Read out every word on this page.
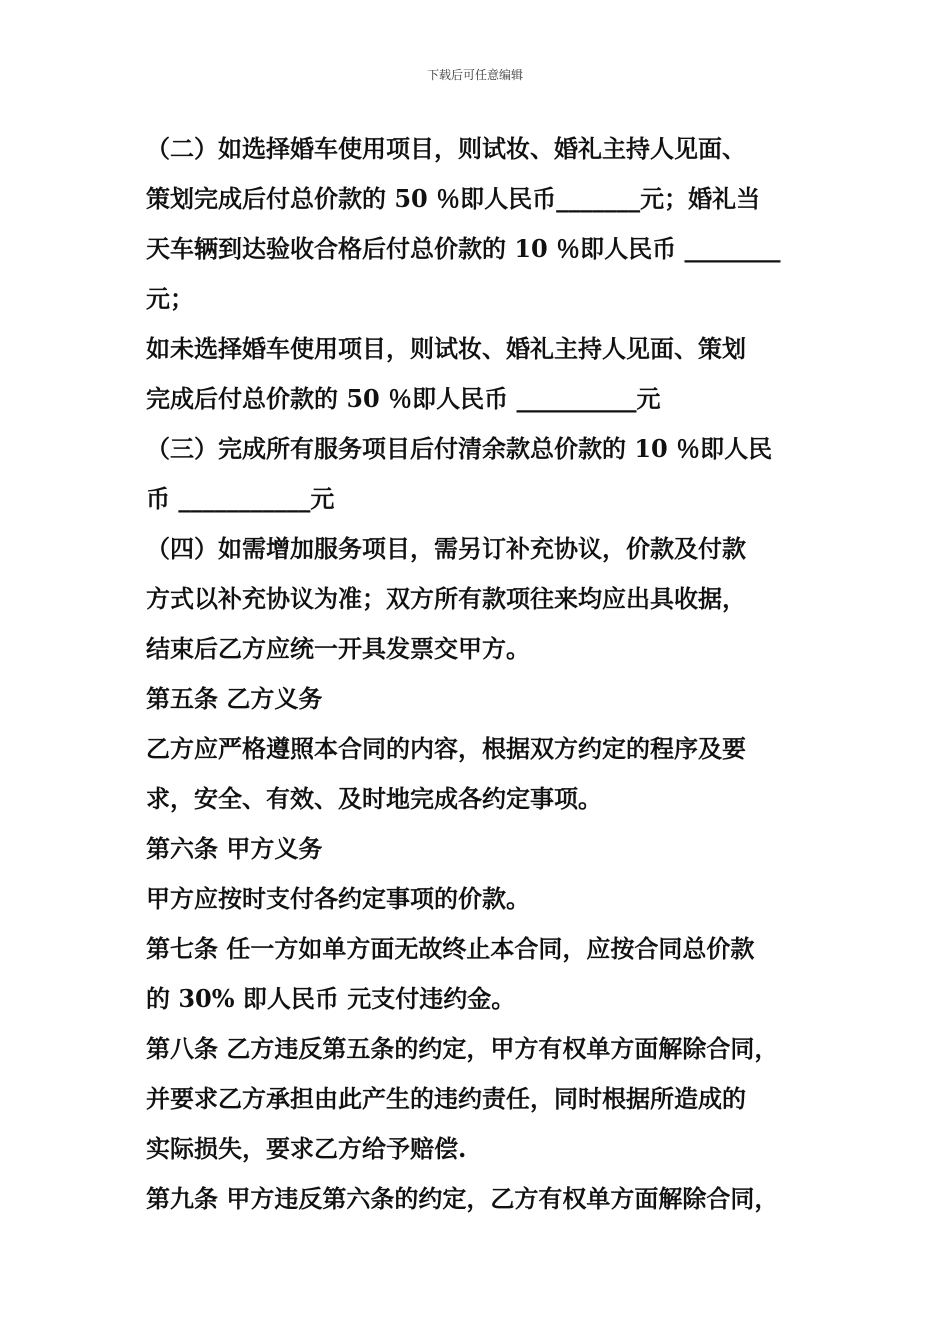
下载后可任意编辑
（二）如选择婚车使用项目，则试妆、婚礼主持人见面、
策划完成后付总价款的 50 ％即人民币_______元；婚礼当
天车辆到达验收合格后付总价款的 10 ％即人民币 ________
元；
如未选择婚车使用项目，则试妆、婚礼主持人见面、策划
完成后付总价款的 50 ％即人民币 __________元
（三）完成所有服务项目后付清余款总价款的 10 ％即人民
币 ___________元
（四）如需增加服务项目，需另订补充协议，价款及付款
方式以补充协议为准；双方所有款项往来均应出具收据，
结束后乙方应统一开具发票交甲方。
第五条 乙方义务
乙方应严格遵照本合同的内容，根据双方约定的程序及要
求，安全、有效、及时地完成各约定事项。
第六条 甲方义务
甲方应按时支付各约定事项的价款。
第七条 任一方如单方面无故终止本合同，应按合同总价款
的 30% 即人民币 元支付违约金。
第八条 乙方违反第五条的约定，甲方有权单方面解除合同，
并要求乙方承担由此产生的违约责任，同时根据所造成的
实际损失，要求乙方给予赔偿.
第九条 甲方违反第六条的约定，乙方有权单方面解除合同，
